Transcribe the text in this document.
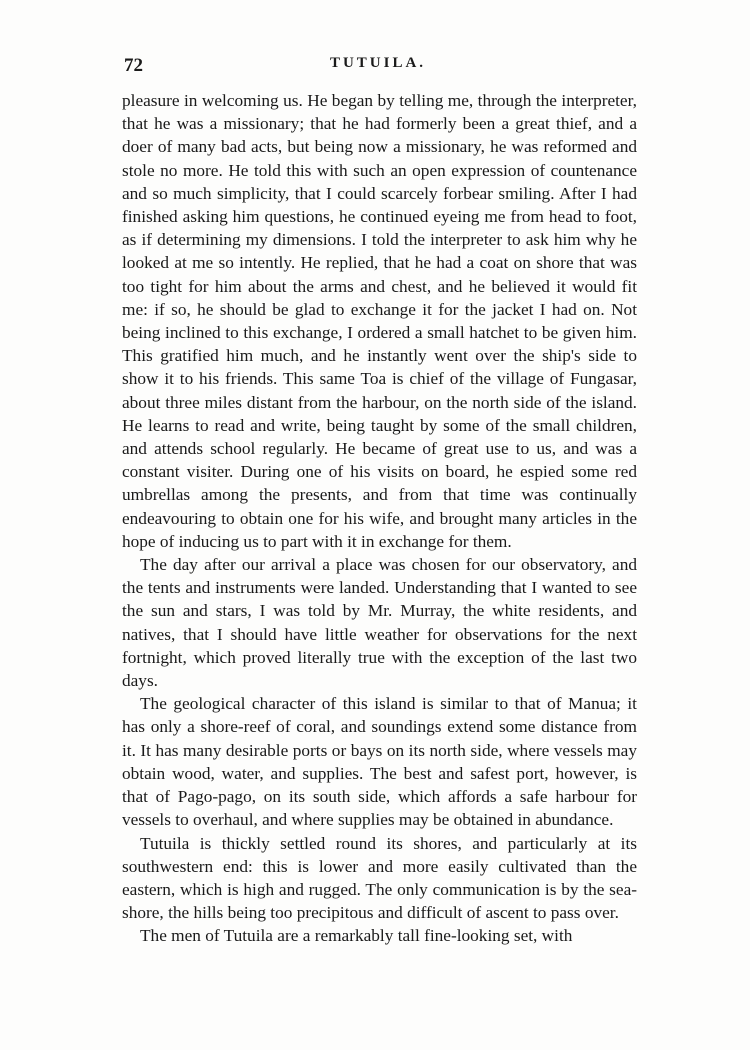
72	TUTUILA.

pleasure in welcoming us. He began by telling me, through the interpreter, that he was a missionary; that he had formerly been a great thief, and a doer of many bad acts, but being now a missionary, he was reformed and stole no more. He told this with such an open expression of countenance and so much simplicity, that I could scarcely forbear smiling. After I had finished asking him questions, he continued eyeing me from head to foot, as if determining my dimensions. I told the interpreter to ask him why he looked at me so intently. He replied, that he had a coat on shore that was too tight for him about the arms and chest, and he believed it would fit me: if so, he should be glad to exchange it for the jacket I had on. Not being inclined to this exchange, I ordered a small hatchet to be given him. This gratified him much, and he instantly went over the ship's side to show it to his friends. This same Toa is chief of the village of Fungasar, about three miles distant from the harbour, on the north side of the island. He learns to read and write, being taught by some of the small children, and attends school regularly. He became of great use to us, and was a constant visiter. During one of his visits on board, he espied some red umbrellas among the presents, and from that time was continually endeavouring to obtain one for his wife, and brought many articles in the hope of inducing us to part with it in exchange for them.

The day after our arrival a place was chosen for our observatory, and the tents and instruments were landed. Understanding that I wanted to see the sun and stars, I was told by Mr. Murray, the white residents, and natives, that I should have little weather for observations for the next fortnight, which proved literally true with the exception of the last two days.

The geological character of this island is similar to that of Manua; it has only a shore-reef of coral, and soundings extend some distance from it. It has many desirable ports or bays on its north side, where vessels may obtain wood, water, and supplies. The best and safest port, however, is that of Pago-pago, on its south side, which affords a safe harbour for vessels to overhaul, and where supplies may be obtained in abundance.

Tutuila is thickly settled round its shores, and particularly at its southwestern end: this is lower and more easily cultivated than the eastern, which is high and rugged. The only communication is by the sea-shore, the hills being too precipitous and difficult of ascent to pass over.

The men of Tutuila are a remarkably tall fine-looking set, with
